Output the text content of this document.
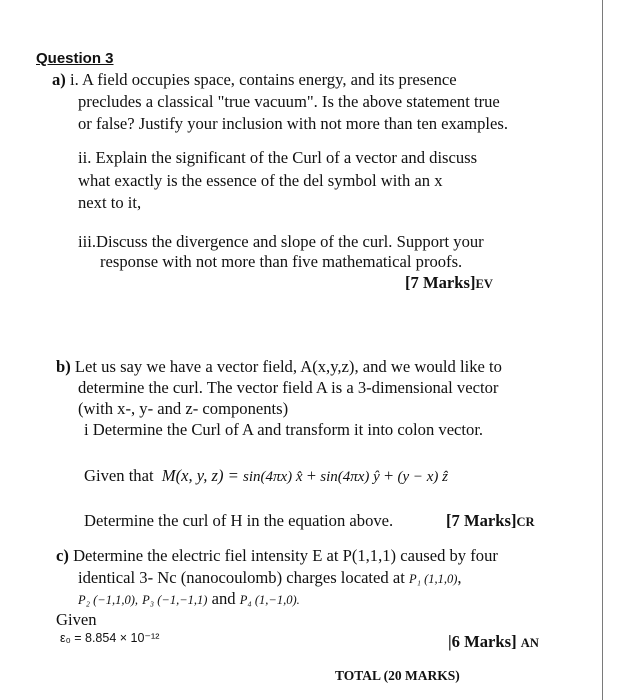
Question 3
a) i. A field occupies space, contains energy, and its presence
precludes a classical "true vacuum". Is the above statement true
or false? Justify your inclusion with not more than ten examples.
ii. Explain the significant of the Curl of a vector and discuss
what exactly is the essence of the del symbol with an x
next to it,
iii.Discuss the divergence and slope of the curl. Support your
response with not more than five mathematical proofs.
[7 Marks]EV
b) Let us say we have a vector field, A(x,y,z), and we would like to
determine the curl. The vector field A is a 3-dimensional vector
(with x-, y- and z- components)
i Determine the Curl of A and transform it into colon vector.
Given that M(x, y, z) = sin(4πx) x̂ + sin(4πx) ŷ + (y − x) ẑ
Determine the curl of H in the equation above.	[7 Marks]CR
c) Determine the electric fiel intensity E at P(1,1,1) caused by four
identical 3- Nc (nanocoulomb) charges located at P₁ (1,1,0),
P₂ (−1,1,0), P₃ (−1,−1,1) and P₄ (1,−1,0).
Given
ε₀ = 8.854 × 10⁻¹²	|6 Marks] AN
TOTAL (20 MARKS)
